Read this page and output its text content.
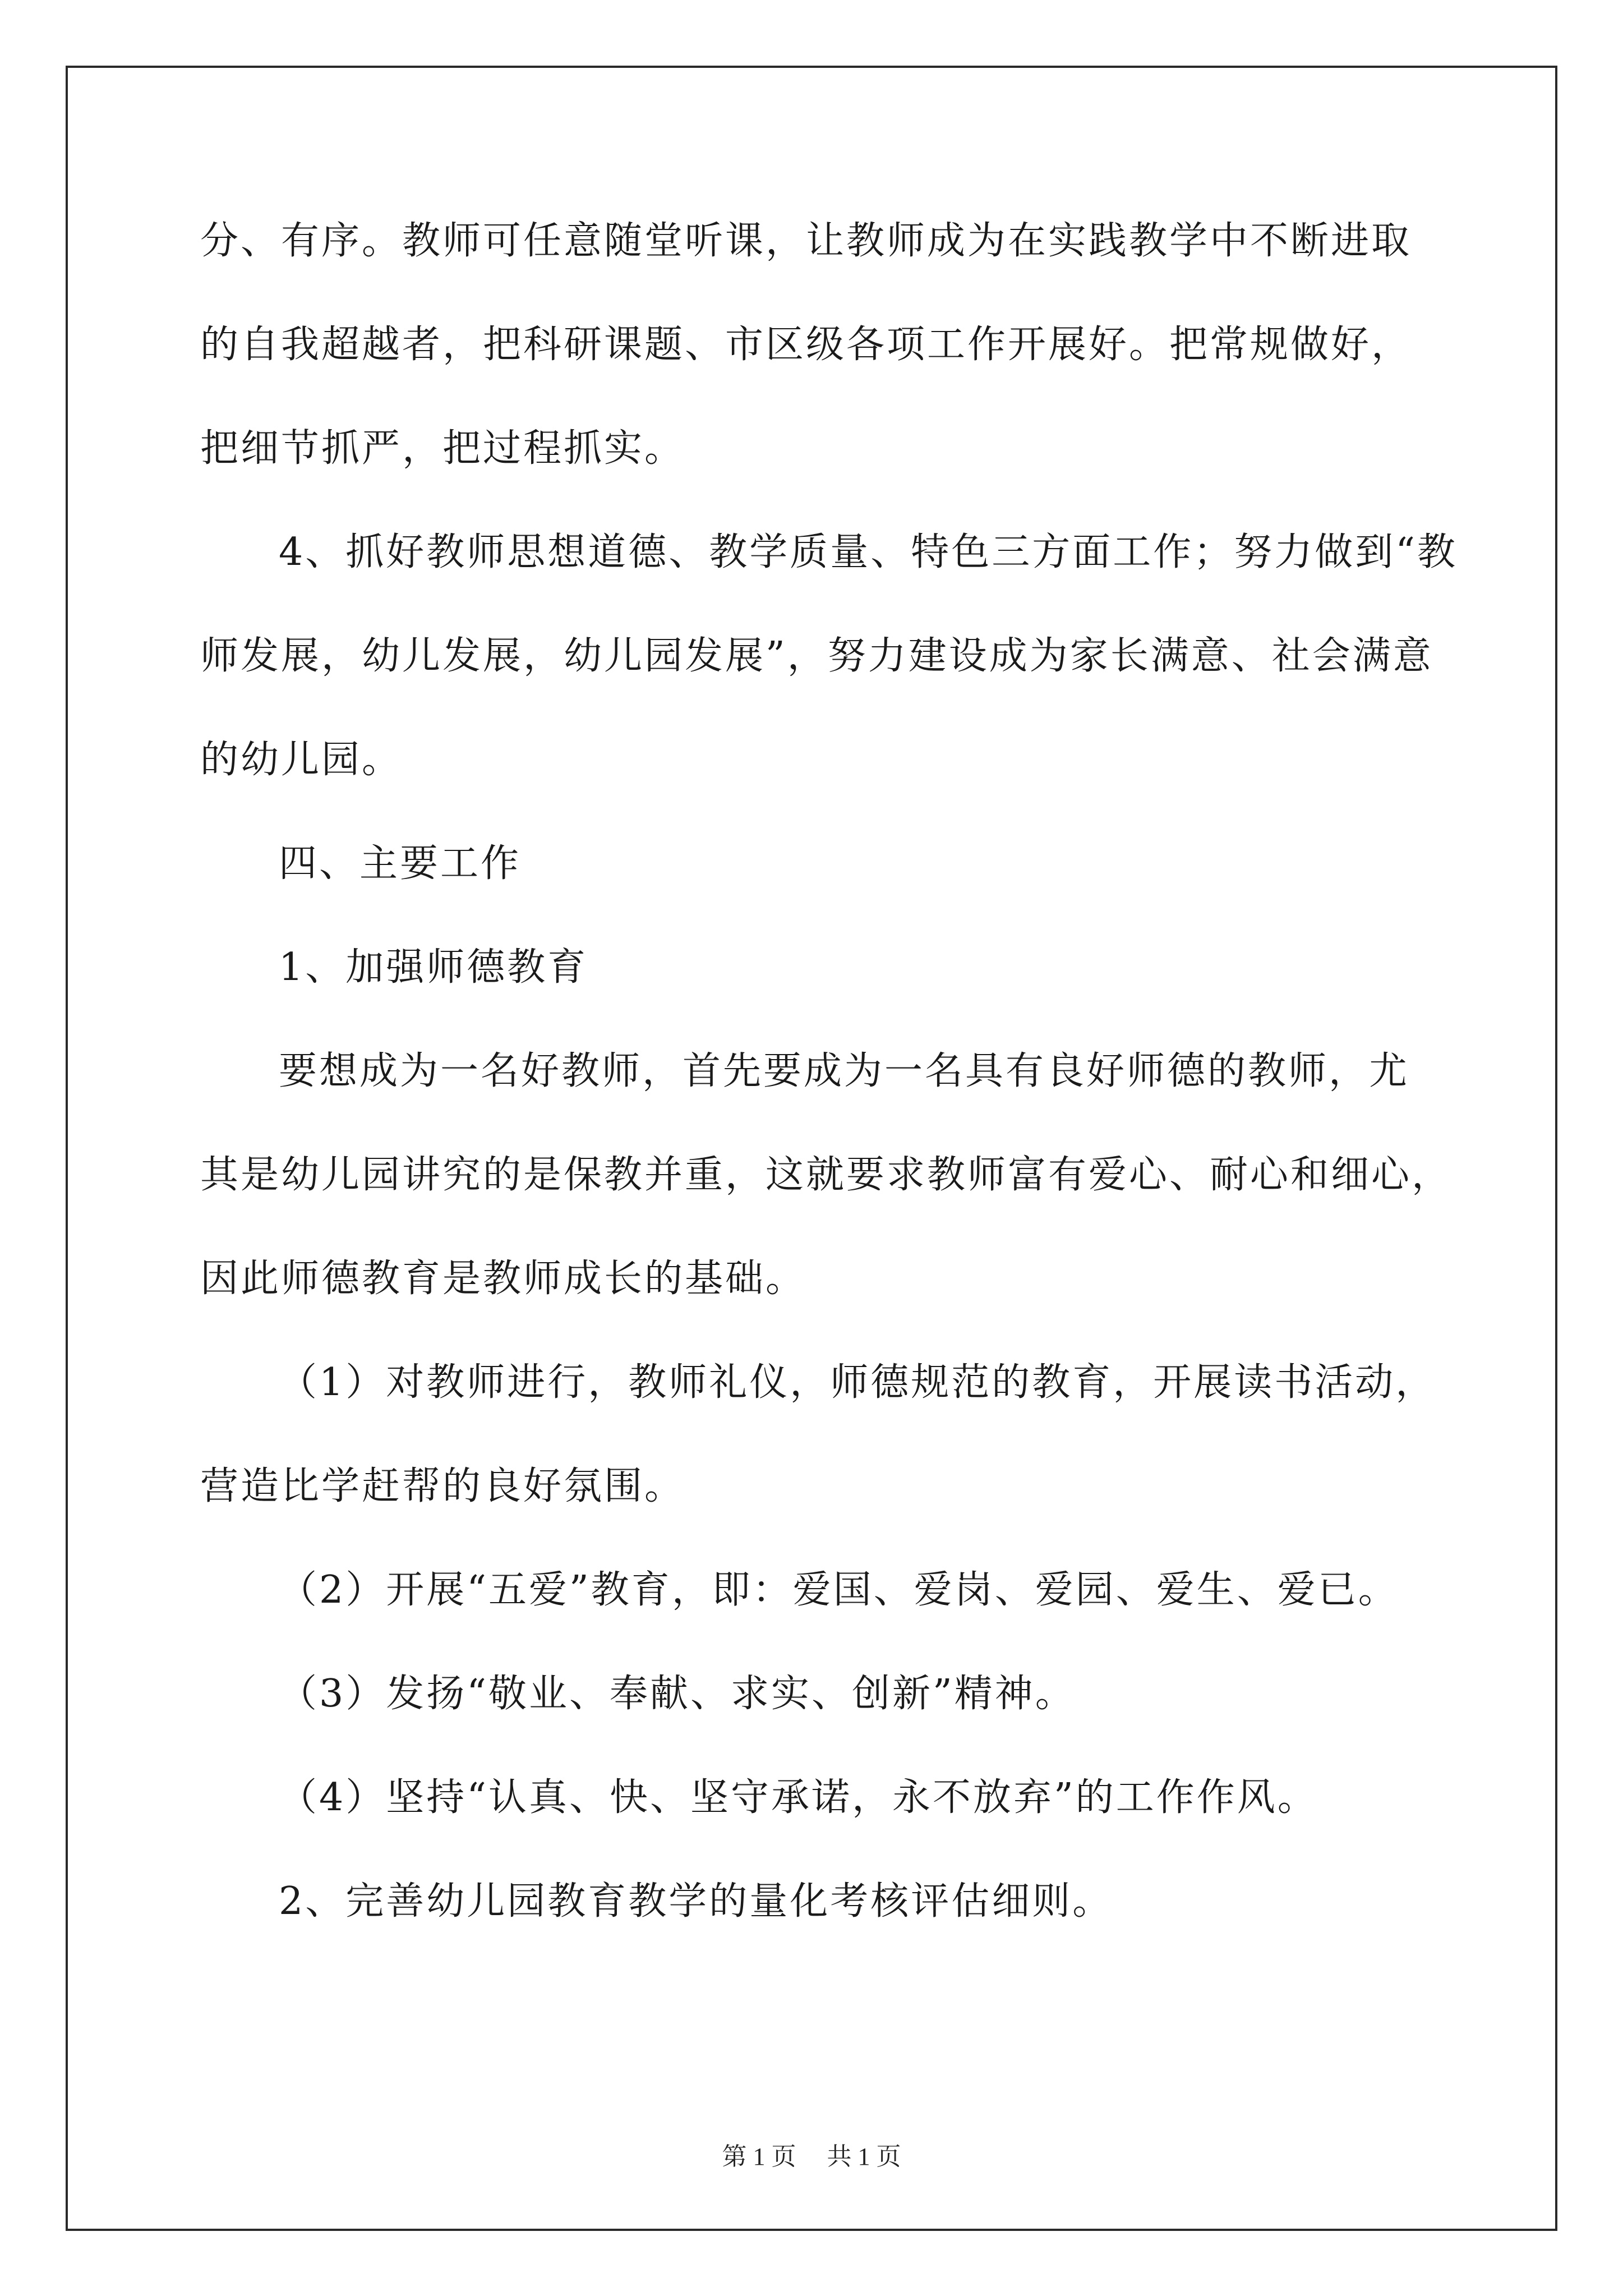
分、有序。教师可任意随堂听课，让教师成为在实践教学中不断进取
的自我超越者，把科研课题、市区级各项工作开展好。把常规做好，
把细节抓严，把过程抓实。
4、抓好教师思想道德、教学质量、特色三方面工作；努力做到“教
师发展，幼儿发展，幼儿园发展”，努力建设成为家长满意、社会满意
的幼儿园。
四、主要工作
1、加强师德教育
要想成为一名好教师，首先要成为一名具有良好师德的教师，尤
其是幼儿园讲究的是保教并重，这就要求教师富有爱心、耐心和细心，
因此师德教育是教师成长的基础。
（1）对教师进行，教师礼仪，师德规范的教育，开展读书活动，
营造比学赶帮的良好氛围。
（2）开展“五爱”教育，即：爱国、爱岗、爱园、爱生、爱已。
（3）发扬“敬业、奉献、求实、创新”精神。
（4）坚持“认真、快、坚守承诺，永不放弃”的工作作风。
2、完善幼儿园教育教学的量化考核评估细则。
第 1 页　 共 1 页
